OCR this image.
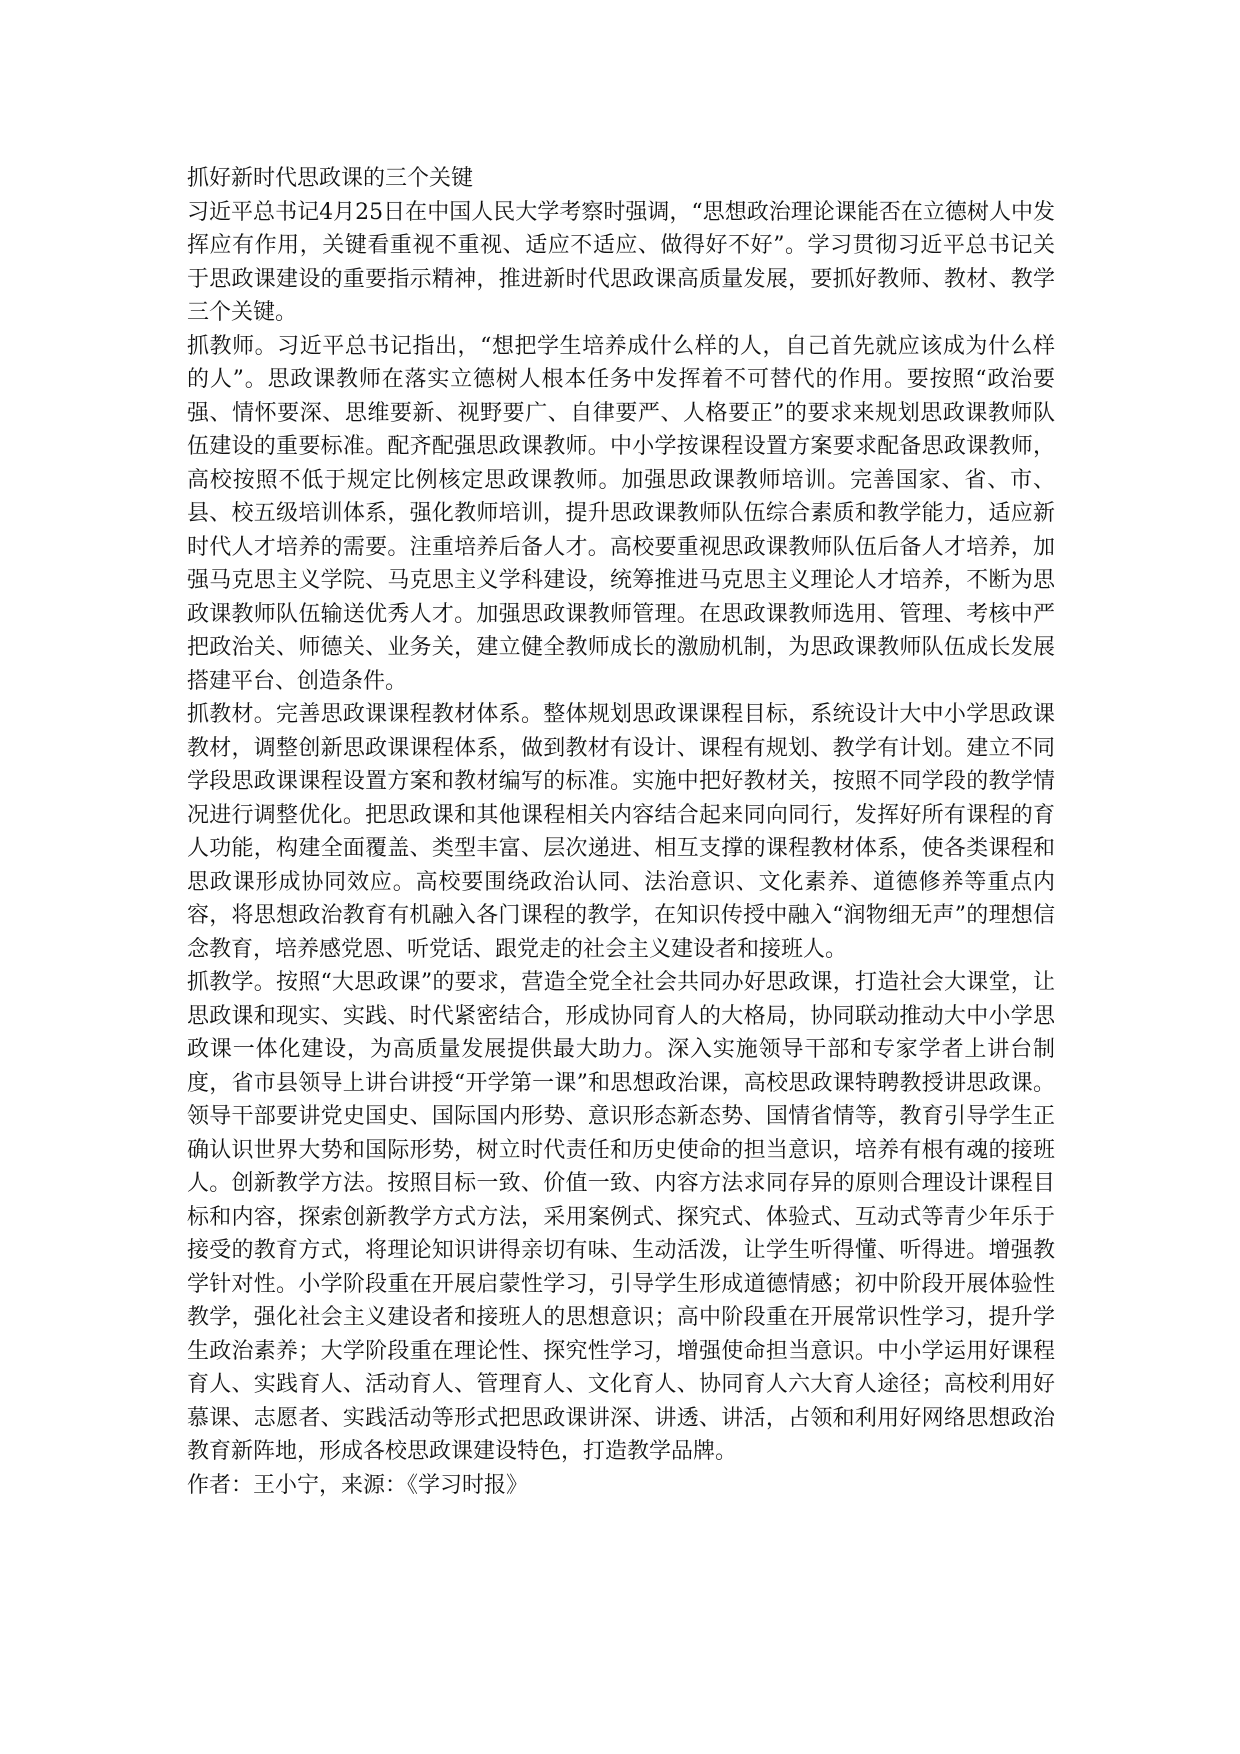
抓好新时代思政课的三个关键

习近平总书记4月25日在中国人民大学考察时强调，“思想政治理论课能否在立德树人中发挥应有作用，关键看重视不重视、适应不适应、做得好不好”。学习贯彻习近平总书记关于思政课建设的重要指示精神，推进新时代思政课高质量发展，要抓好教师、教材、教学三个关键。

抓教师。习近平总书记指出，“想把学生培养成什么样的人，自己首先就应该成为什么样的人”。思政课教师在落实立德树人根本任务中发挥着不可替代的作用。要按照“政治要强、情怀要深、思维要新、视野要广、自律要严、人格要正”的要求来规划思政课教师队伍建设的重要标准。配齐配强思政课教师。中小学按课程设置方案要求配备思政课教师，高校按照不低于规定比例核定思政课教师。加强思政课教师培训。完善国家、省、市、县、校五级培训体系，强化教师培训，提升思政课教师队伍综合素质和教学能力，适应新时代人才培养的需要。注重培养后备人才。高校要重视思政课教师队伍后备人才培养，加强马克思主义学院、马克思主义学科建设，统筹推进马克思主义理论人才培养，不断为思政课教师队伍输送优秀人才。加强思政课教师管理。在思政课教师选用、管理、考核中严把政治关、师德关、业务关，建立健全教师成长的激励机制，为思政课教师队伍成长发展搭建平台、创造条件。

抓教材。完善思政课课程教材体系。整体规划思政课课程目标，系统设计大中小学思政课教材，调整创新思政课课程体系，做到教材有设计、课程有规划、教学有计划。建立不同学段思政课课程设置方案和教材编写的标准。实施中把好教材关，按照不同学段的教学情况进行调整优化。把思政课和其他课程相关内容结合起来同向同行，发挥好所有课程的育人功能，构建全面覆盖、类型丰富、层次递进、相互支撑的课程教材体系，使各类课程和思政课形成协同效应。高校要围绕政治认同、法治意识、文化素养、道德修养等重点内容，将思想政治教育有机融入各门课程的教学，在知识传授中融入“润物细无声”的理想信念教育，培养感党恩、听党话、跟党走的社会主义建设者和接班人。

抓教学。按照“大思政课”的要求，营造全党全社会共同办好思政课，打造社会大课堂，让思政课和现实、实践、时代紧密结合，形成协同育人的大格局，协同联动推动大中小学思政课一体化建设，为高质量发展提供最大助力。深入实施领导干部和专家学者上讲台制度，省市县领导上讲台讲授“开学第一课”和思想政治课，高校思政课特聘教授讲思政课。领导干部要讲党史国史、国际国内形势、意识形态新态势、国情省情等，教育引导学生正确认识世界大势和国际形势，树立时代责任和历史使命的担当意识，培养有根有魂的接班人。创新教学方法。按照目标一致、价值一致、内容方法求同存异的原则合理设计课程目标和内容，探索创新教学方式方法，采用案例式、探究式、体验式、互动式等青少年乐于接受的教育方式，将理论知识讲得亲切有味、生动活泼，让学生听得懂、听得进。增强教学针对性。小学阶段重在开展启蒙性学习，引导学生形成道德情感；初中阶段开展体验性教学，强化社会主义建设者和接班人的思想意识；高中阶段重在开展常识性学习，提升学生政治素养；大学阶段重在理论性、探究性学习，增强使命担当意识。中小学运用好课程育人、实践育人、活动育人、管理育人、文化育人、协同育人六大育人途径；高校利用好慕课、志愿者、实践活动等形式把思政课讲深、讲透、讲活，占领和利用好网络思想政治教育新阵地，形成各校思政课建设特色，打造教学品牌。

作者：王小宁，来源：《学习时报》
